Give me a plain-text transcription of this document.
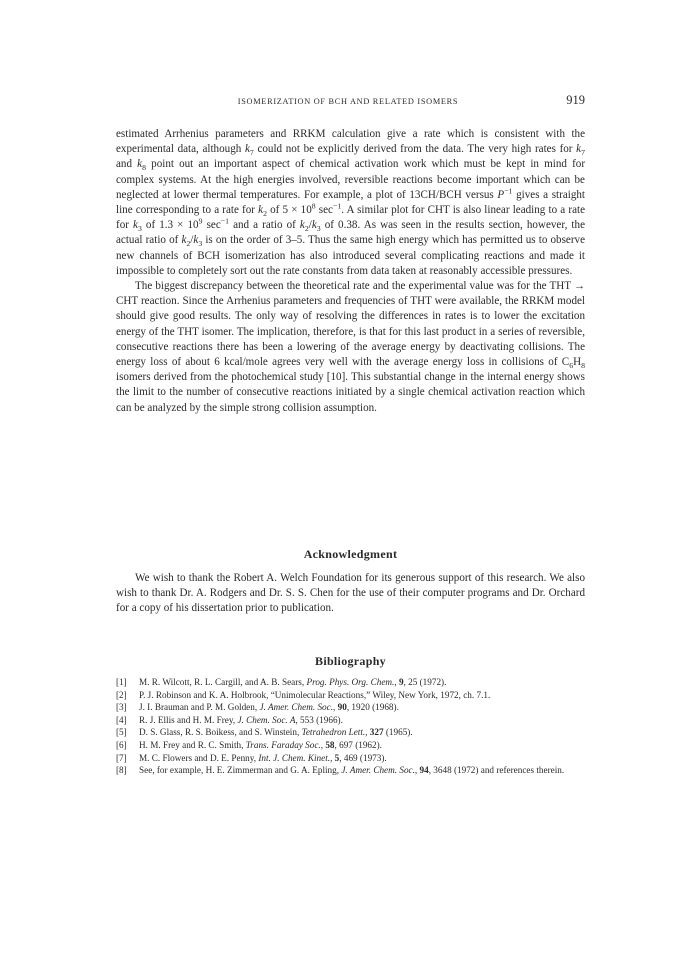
ISOMERIZATION OF BCH AND RELATED ISOMERS	919

estimated Arrhenius parameters and RRKM calculation give a rate which is consistent with the experimental data, although $k_7$ could not be explicitly derived from the data. The very high rates for $k_7$ and $k_8$ point out an important aspect of chemical activation work which must be kept in mind for complex systems. At the high energies involved, reversible reactions become important which can be neglected at lower thermal temperatures. For example, a plot of 13CH/BCH versus $P^{-1}$ gives a straight line corresponding to a rate for $k_2$ of $5 \times 10^8$ $\sec^{-1}$. A similar plot for CHT is also linear leading to a rate for $k_3$ of $1.3 \times 10^9$ $\sec^{-1}$ and a ratio of $k_2/k_3$ of 0.38. As was seen in the results section, however, the actual ratio of $k_2/k_3$ is on the order of 3–5. Thus the same high energy which has permitted us to observe new channels of BCH isomerization has also introduced several complicating reactions and made it impossible to completely sort out the rate constants from data taken at reasonably accessible pressures.

The biggest discrepancy between the theoretical rate and the experimental value was for the THT → CHT reaction. Since the Arrhenius parameters and frequencies of THT were available, the RRKM model should give good results. The only way of resolving the differences in rates is to lower the excitation energy of the THT isomer. The implication, therefore, is that for this last product in a series of reversible, consecutive reactions there has been a lowering of the average energy by deactivating collisions. The energy loss of about 6 kcal/mole agrees very well with the average energy loss in collisions of $C_6H_8$ isomers derived from the photochemical study [10]. This substantial change in the internal energy shows the limit to the number of consecutive reactions initiated by a single chemical activation reaction which can be analyzed by the simple strong collision assumption.

Acknowledgment

We wish to thank the Robert A. Welch Foundation for its generous support of this research. We also wish to thank Dr. A. Rodgers and Dr. S. S. Chen for the use of their computer programs and Dr. Orchard for a copy of his dissertation prior to publication.

Bibliography
[1] M. R. Wilcott, R. L. Cargill, and A. B. Sears, Prog. Phys. Org. Chem., 9, 25 (1972).
[2] P. J. Robinson and K. A. Holbrook, “Unimolecular Reactions,” Wiley, New York, 1972, ch. 7.1.
[3] J. I. Brauman and P. M. Golden, J. Amer. Chem. Soc., 90, 1920 (1968).
[4] R. J. Ellis and H. M. Frey, J. Chem. Soc. A, 553 (1966).
[5] D. S. Glass, R. S. Boikess, and S. Winstein, Tetrahedron Lett., 327 (1965).
[6] H. M. Frey and R. C. Smith, Trans. Faraday Soc., 58, 697 (1962).
[7] M. C. Flowers and D. E. Penny, Int. J. Chem. Kinet., 5, 469 (1973).
[8] See, for example, H. E. Zimmerman and G. A. Epling, J. Amer. Chem. Soc., 94, 3648 (1972) and references therein.
